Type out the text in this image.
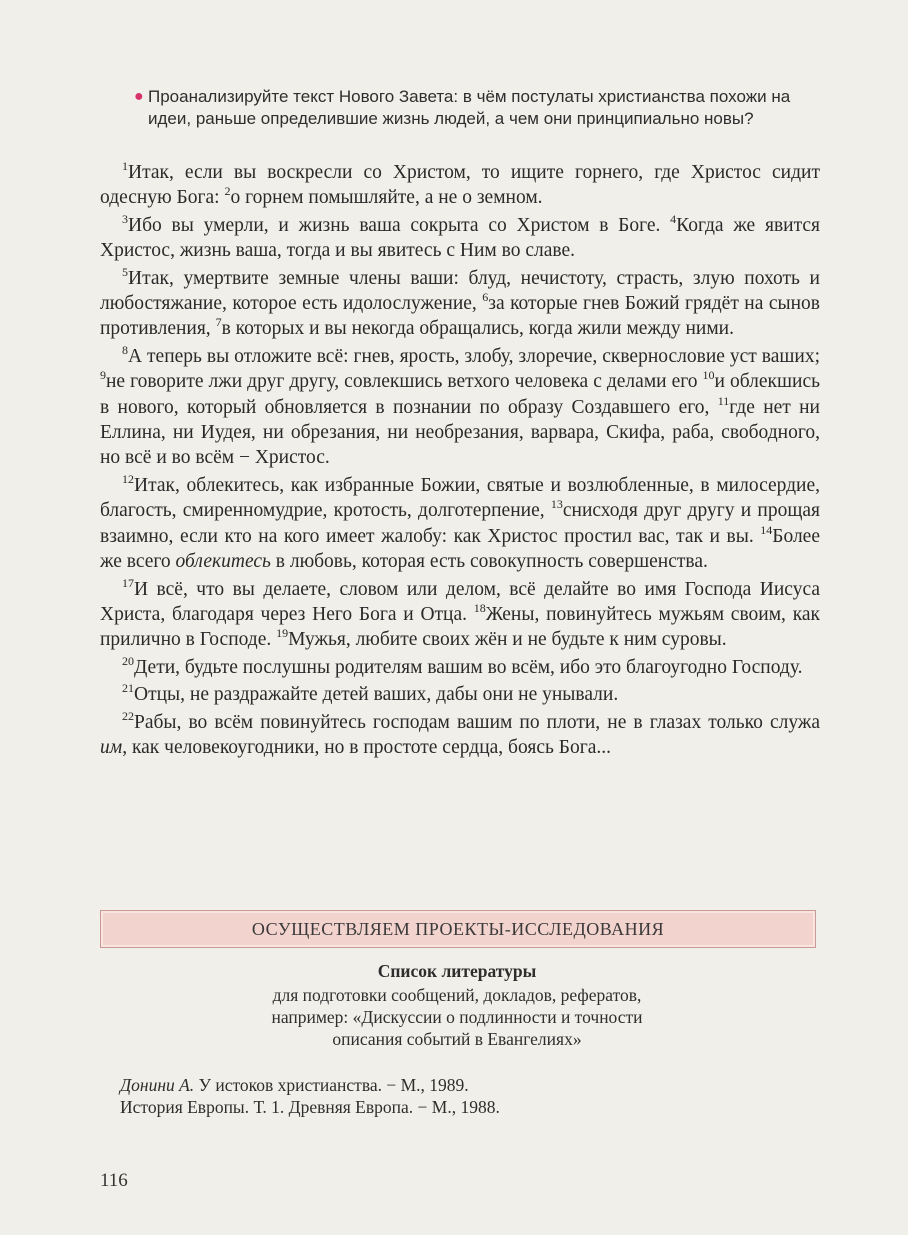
● Проанализируйте текст Нового Завета: в чём постулаты христианства похожи на идеи, раньше определившие жизнь людей, а чем они принципиально новы?

$^1$Итак, если вы воскресли со Христом, то ищите горнего, где Христос сидит одесную Бога: $^2$о горнем помышляйте, а не о земном.

$^3$Ибо вы умерли, и жизнь ваша сокрыта со Христом в Боге. $^4$Когда же явится Христос, жизнь ваша, тогда и вы явитесь с Ним во славе.

$^5$Итак, умертвите земные члены ваши: блуд, нечистоту, страсть, злую похоть и любостяжание, которое есть идолослужение, $^6$за которые гнев Божий грядёт на сынов противления, $^7$в которых и вы некогда обращались, когда жили между ними.

$^8$А теперь вы отложите всё: гнев, ярость, злобу, злоречие, сквернословие уст ваших; $^9$не говорите лжи друг другу, совлекшись ветхого человека с делами его $^{10}$и облекшись в нового, который обновляется в познании по образу Создавшего его, $^{11}$где нет ни Еллина, ни Иудея, ни обрезания, ни необрезания, варвара, Скифа, раба, свободного, но всё и во всём − Христос.

$^{12}$Итак, облекитесь, как избранные Божии, святые и возлюбленные, в милосердие, благость, смиренномудрие, кротость, долготерпение, $^{13}$снисходя друг другу и прощая взаимно, если кто на кого имеет жалобу: как Христос простил вас, так и вы. $^{14}$Более же всего облекитесь в любовь, которая есть совокупность совершенства.

$^{17}$И всё, что вы делаете, словом или делом, всё делайте во имя Господа Иисуса Христа, благодаря через Него Бога и Отца. $^{18}$Жены, повинуйтесь мужьям своим, как прилично в Господе. $^{19}$Мужья, любите своих жён и не будьте к ним суровы.

$^{20}$Дети, будьте послушны родителям вашим во всём, ибо это благоугодно Господу.

$^{21}$Отцы, не раздражайте детей ваших, дабы они не унывали.

$^{22}$Рабы, во всём повинуйтесь господам вашим по плоти, не в глазах только служа им, как человекоугодники, но в простоте сердца, боясь Бога...

ОСУЩЕСТВЛЯЕМ ПРОЕКТЫ-ИССЛЕДОВАНИЯ
Список литературы
для подготовки сообщений, докладов, рефератов,
например: «Дискуссии о подлинности и точности
описания событий в Евангелиях»
Донини А. У истоков христианства. − М., 1989.
История Европы. Т. 1. Древняя Европа. − М., 1988.
116
